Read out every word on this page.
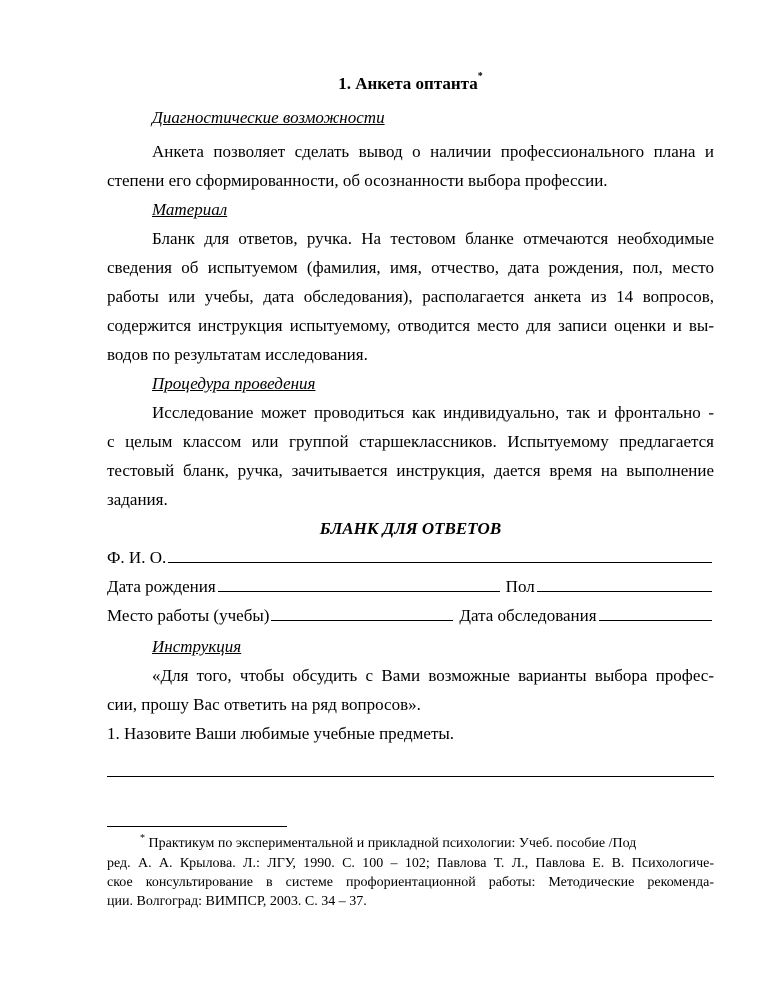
1. Анкета оптанта*
Диагностические возможности
Анкета позволяет сделать вывод о наличии профессионального плана и
степени его сформированности, об осознанности выбора профессии.
Материал
Бланк для ответов, ручка. На тестовом бланке отмечаются необходимые
сведения об испытуемом (фамилия, имя, отчество, дата рождения, пол, место
работы или учебы, дата обследования), располагается анкета из 14 вопросов,
содержится инструкция испытуемому, отводится место для записи оценки и вы-
водов по результатам исследования.
Процедура проведения
Исследование может проводиться как индивидуально, так и фронтально -
с целым классом или группой старшеклассников. Испытуемому предлагается
тестовый бланк, ручка, зачитывается инструкция, дается время на выполнение
задания.
БЛАНК ДЛЯ ОТВЕТОВ
Ф. И. О.
Дата рождения	Пол
Место работы (учебы)	Дата обследования
Инструкция
«Для того, чтобы обсудить с Вами возможные варианты выбора профес-
сии, прошу Вас ответить на ряд вопросов».
1. Назовите Ваши любимые учебные предметы.
* Практикум по экспериментальной и прикладной психологии: Учеб. пособие /Под
ред. А. А. Крылова. Л.: ЛГУ, 1990. С. 100 – 102; Павлова Т. Л., Павлова Е. В. Психологиче-
ское консультирование в системе профориентационной работы: Методические рекоменда-
ции. Волгоград: ВИМПСР, 2003. С. 34 – 37.
